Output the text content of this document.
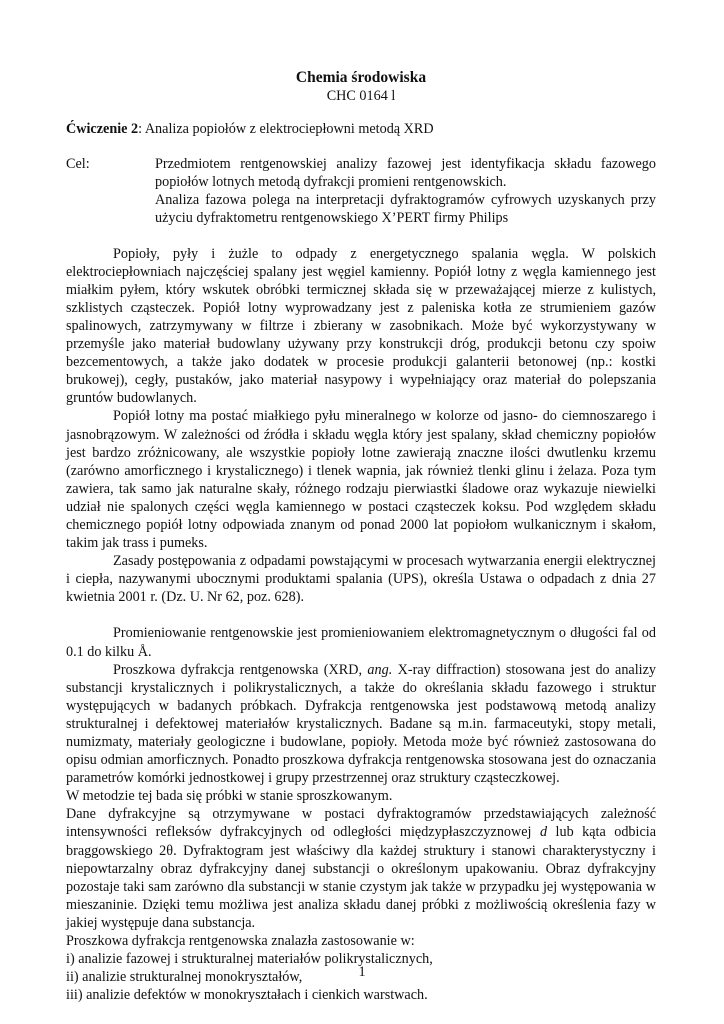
Chemia środowiska
CHC 0164 l
Ćwiczenie 2: Analiza popiołów z elektrociepłowni metodą XRD
Cel:	Przedmiotem rentgenowskiej analizy fazowej jest identyfikacja składu fazowego popiołów lotnych metodą dyfrakcji promieni rentgenowskich.
Analiza fazowa polega na interpretacji dyfraktogramów cyfrowych uzyskanych przy użyciu dyfraktometru rentgenowskiego X’PERT firmy Philips

Popioły, pyły i żużle to odpady z energetycznego spalania węgla. W polskich elektrociepłowniach najczęściej spalany jest węgiel kamienny. Popiół lotny z węgla kamiennego jest miałkim pyłem, który wskutek obróbki termicznej składa się w przeważającej mierze z kulistych, szklistych cząsteczek. Popiół lotny wyprowadzany jest z paleniska kotła ze strumieniem gazów spalinowych, zatrzymywany w filtrze i zbierany w zasobnikach. Może być wykorzystywany w przemyśle jako materiał budowlany używany przy konstrukcji dróg, produkcji betonu czy spoiw bezcementowych, a także jako dodatek w procesie produkcji galanterii betonowej (np.: kostki brukowej), cegły, pustaków, jako materiał nasypowy i wypełniający oraz materiał do polepszania gruntów budowlanych.

Popiół lotny ma postać miałkiego pyłu mineralnego w kolorze od jasno- do ciemnoszarego i jasnobrązowym. W zależności od źródła i składu węgla który jest spalany, skład chemiczny popiołów jest bardzo zróżnicowany, ale wszystkie popioły lotne zawierają znaczne ilości dwutlenku krzemu (zarówno amorficznego i krystalicznego) i tlenek wapnia, jak również tlenki glinu i żelaza. Poza tym zawiera, tak samo jak naturalne skały, różnego rodzaju pierwiastki śladowe oraz wykazuje niewielki udział nie spalonych części węgla kamiennego w postaci cząsteczek koksu. Pod względem składu chemicznego popiół lotny odpowiada znanym od ponad 2000 lat popiołom wulkanicznym i skałom, takim jak trass i pumeks.

Zasady postępowania z odpadami powstającymi w procesach wytwarzania energii elektrycznej i ciepła, nazywanymi ubocznymi produktami spalania (UPS), określa Ustawa o odpadach z dnia 27 kwietnia 2001 r. (Dz. U. Nr 62, poz. 628).

Promieniowanie rentgenowskie jest promieniowaniem elektromagnetycznym o długości fal od 0.1 do kilku Å.

Proszkowa dyfrakcja rentgenowska (XRD, ang. X-ray diffraction) stosowana jest do analizy substancji krystalicznych i polikrystalicznych, a także do określania składu fazowego i struktur występujących w badanych próbkach. Dyfrakcja rentgenowska jest podstawową metodą analizy strukturalnej i defektowej materiałów krystalicznych. Badane są m.in. farmaceutyki, stopy metali, numizmaty, materiały geologiczne i budowlane, popioły. Metoda może być również zastosowana do opisu odmian amorficznych. Ponadto proszkowa dyfrakcja rentgenowska stosowana jest do oznaczania parametrów komórki jednostkowej i grupy przestrzennej oraz struktury cząsteczkowej.

W metodzie tej bada się próbki w stanie sproszkowanym.

Dane dyfrakcyjne są otrzymywane w postaci dyfraktogramów przedstawiających zależność intensywności refleksów dyfrakcyjnych od odległości międzypłaszczyznowej d lub kąta odbicia braggowskiego 2θ. Dyfraktogram jest właściwy dla każdej struktury i stanowi charakterystyczny i niepowtarzalny obraz dyfrakcyjny danej substancji o określonym upakowaniu. Obraz dyfrakcyjny pozostaje taki sam zarówno dla substancji w stanie czystym jak także w przypadku jej występowania w mieszaninie. Dzięki temu możliwa jest analiza składu danej próbki z możliwością określenia fazy w jakiej występuje dana substancja.

Proszkowa dyfrakcja rentgenowska znalazła zastosowanie w:

i) analizie fazowej i strukturalnej materiałów polikrystalicznych,
ii) analizie strukturalnej monokryształów,
iii) analizie defektów w monokryształach i cienkich warstwach.
1
